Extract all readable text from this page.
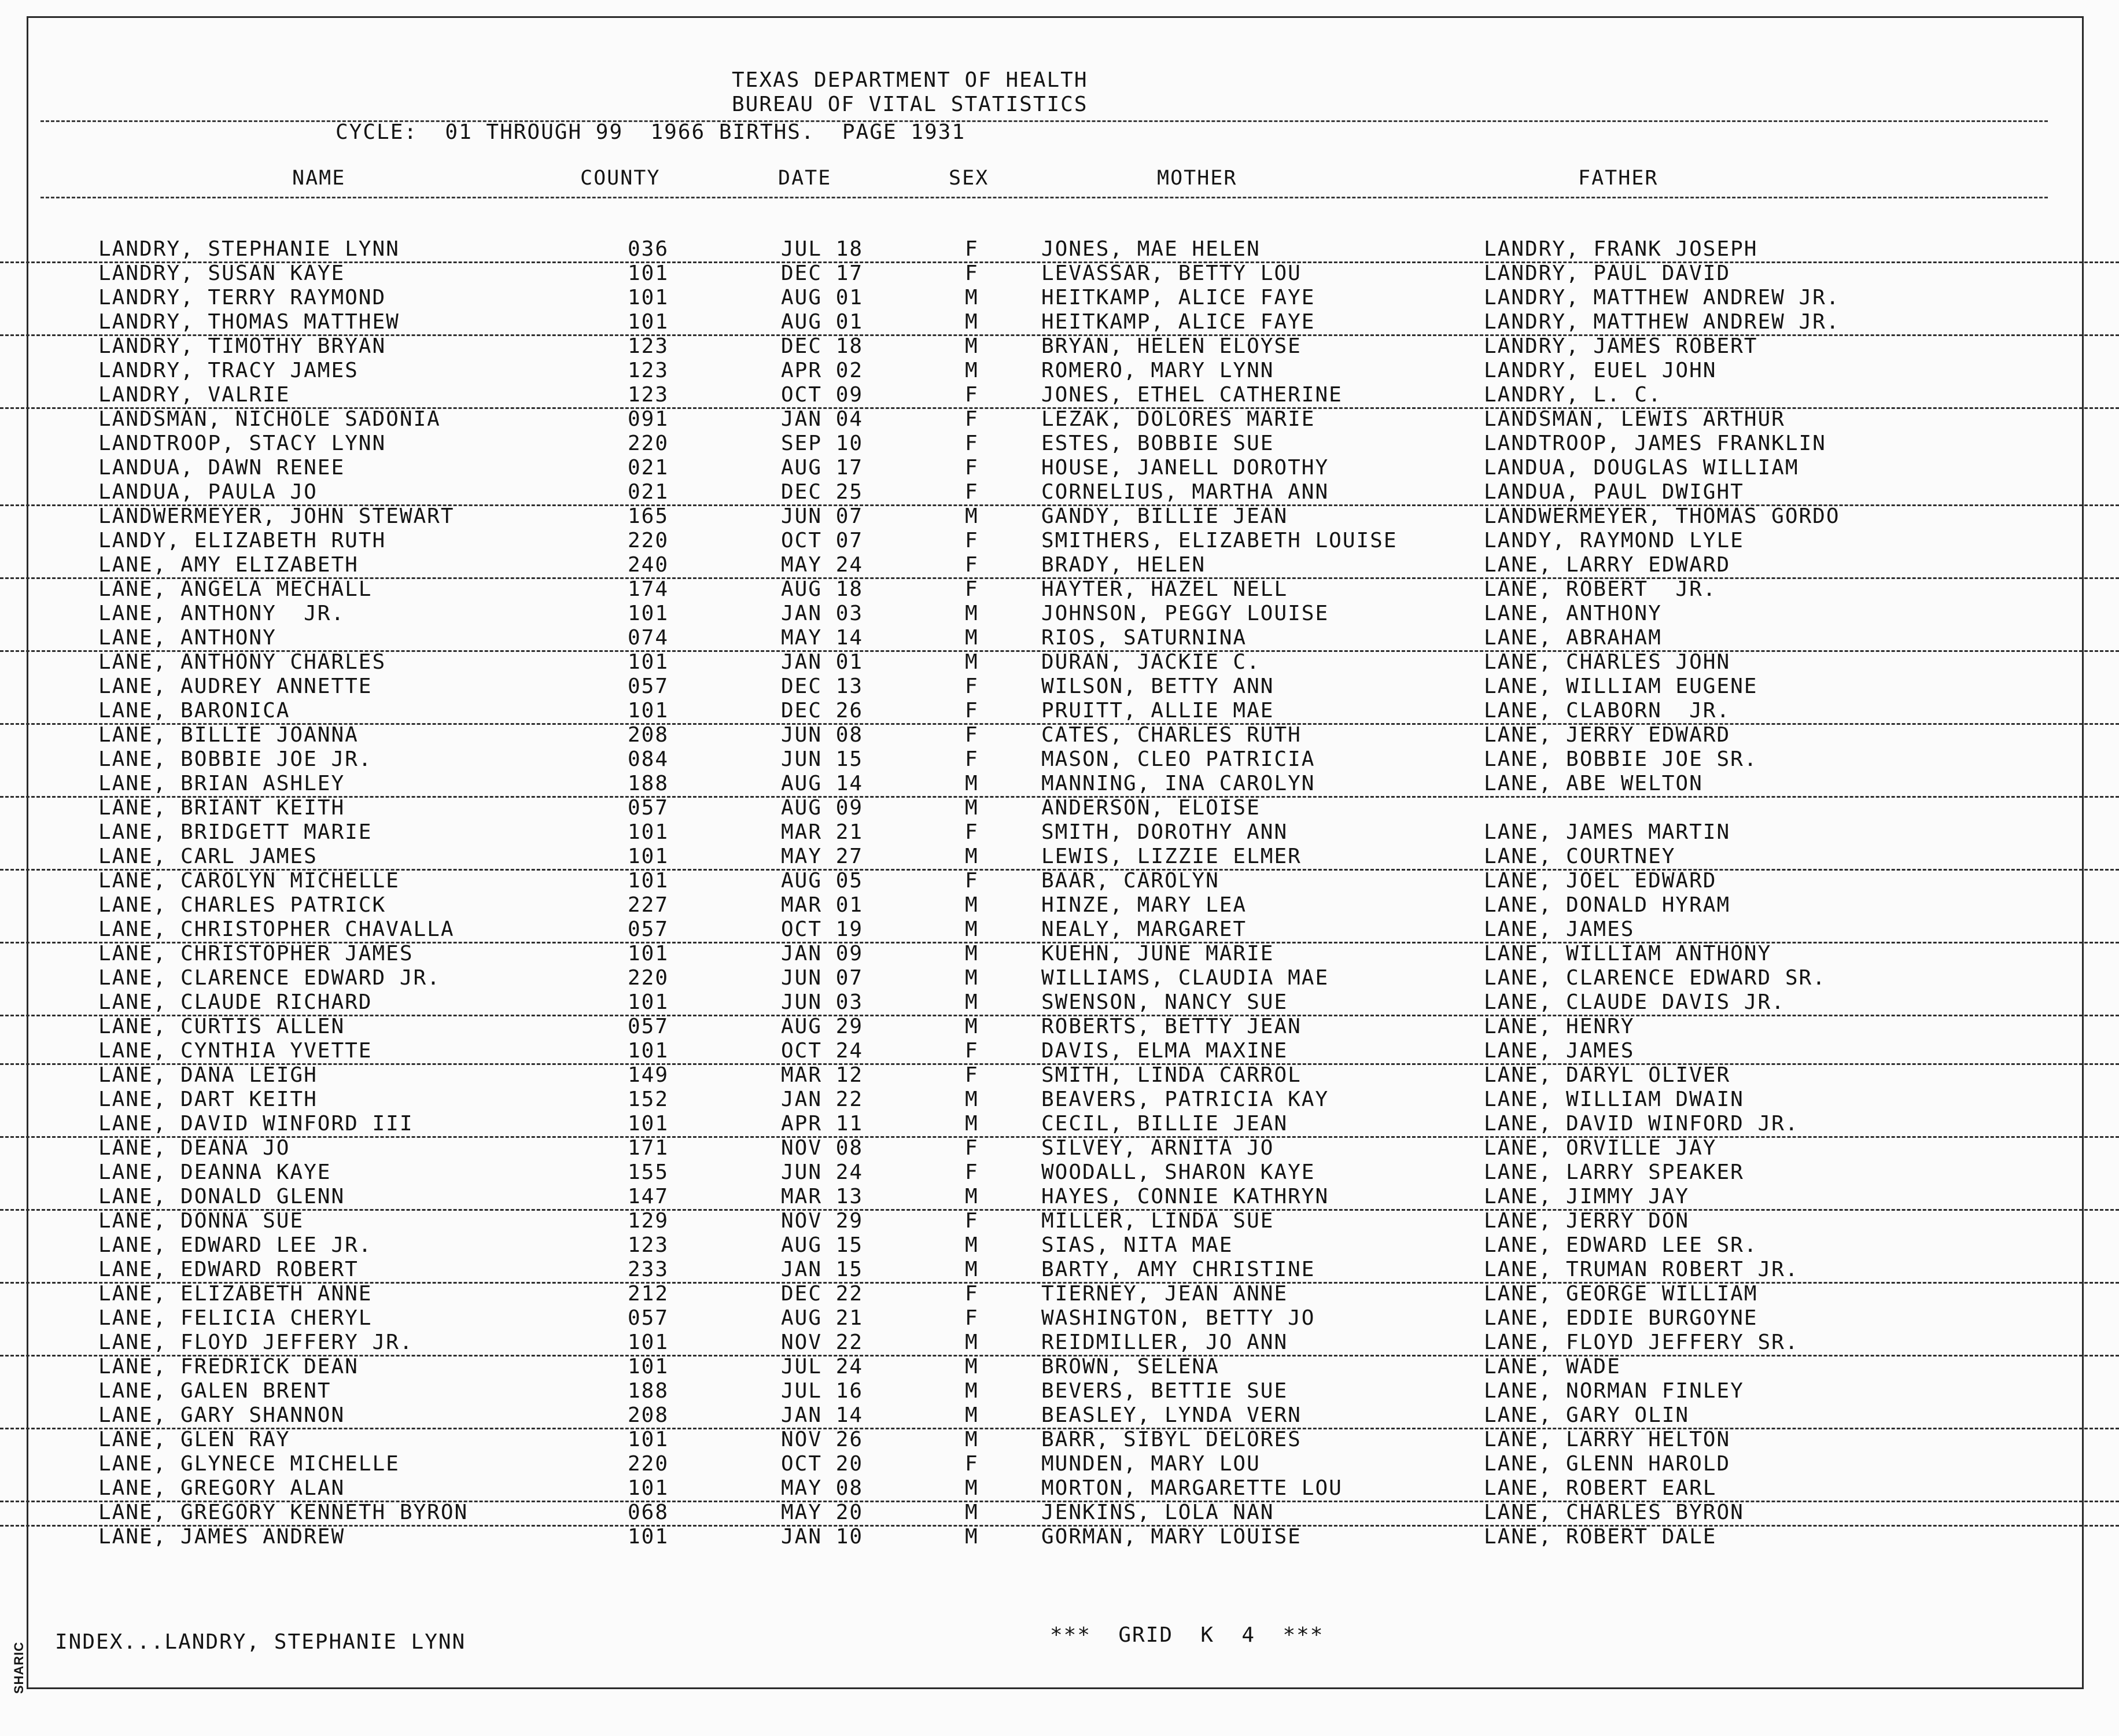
TEXAS DEPARTMENT OF HEALTH
BUREAU OF VITAL STATISTICS
CYCLE:  01 THROUGH 99  1966 BIRTHS.  PAGE 1931
NAME	COUNTY	DATE	SEX	MOTHER	FATHER
LANDRY, STEPHANIE LYNN	036	JUL 18	F	JONES, MAE HELEN	LANDRY, FRANK JOSEPH
LANDRY, SUSAN KAYE	101	DEC 17	F	LEVASSAR, BETTY LOU	LANDRY, PAUL DAVID
LANDRY, TERRY RAYMOND	101	AUG 01	M	HEITKAMP, ALICE FAYE	LANDRY, MATTHEW ANDREW JR.
LANDRY, THOMAS MATTHEW	101	AUG 01	M	HEITKAMP, ALICE FAYE	LANDRY, MATTHEW ANDREW JR.
LANDRY, TIMOTHY BRYAN	123	DEC 18	M	BRYAN, HELEN ELOYSE	LANDRY, JAMES ROBERT
LANDRY, TRACY JAMES	123	APR 02	M	ROMERO, MARY LYNN	LANDRY, EUEL JOHN
LANDRY, VALRIE	123	OCT 09	F	JONES, ETHEL CATHERINE	LANDRY, L. C.
LANDSMAN, NICHOLE SADONIA	091	JAN 04	F	LEZAK, DOLORES MARIE	LANDSMAN, LEWIS ARTHUR
LANDTROOP, STACY LYNN	220	SEP 10	F	ESTES, BOBBIE SUE	LANDTROOP, JAMES FRANKLIN
LANDUA, DAWN RENEE	021	AUG 17	F	HOUSE, JANELL DOROTHY	LANDUA, DOUGLAS WILLIAM
LANDUA, PAULA JO	021	DEC 25	F	CORNELIUS, MARTHA ANN	LANDUA, PAUL DWIGHT
LANDWERMEYER, JOHN STEWART	165	JUN 07	M	GANDY, BILLIE JEAN	LANDWERMEYER, THOMAS GORDO
LANDY, ELIZABETH RUTH	220	OCT 07	F	SMITHERS, ELIZABETH LOUISE	LANDY, RAYMOND LYLE
LANE, AMY ELIZABETH	240	MAY 24	F	BRADY, HELEN	LANE, LARRY EDWARD
LANE, ANGELA MECHALL	174	AUG 18	F	HAYTER, HAZEL NELL	LANE, ROBERT  JR.
LANE, ANTHONY  JR.	101	JAN 03	M	JOHNSON, PEGGY LOUISE	LANE, ANTHONY
LANE, ANTHONY	074	MAY 14	M	RIOS, SATURNINA	LANE, ABRAHAM
LANE, ANTHONY CHARLES	101	JAN 01	M	DURAN, JACKIE C.	LANE, CHARLES JOHN
LANE, AUDREY ANNETTE	057	DEC 13	F	WILSON, BETTY ANN	LANE, WILLIAM EUGENE
LANE, BARONICA	101	DEC 26	F	PRUITT, ALLIE MAE	LANE, CLABORN  JR.
LANE, BILLIE JOANNA	208	JUN 08	F	CATES, CHARLES RUTH	LANE, JERRY EDWARD
LANE, BOBBIE JOE JR.	084	JUN 15	F	MASON, CLEO PATRICIA	LANE, BOBBIE JOE SR.
LANE, BRIAN ASHLEY	188	AUG 14	M	MANNING, INA CAROLYN	LANE, ABE WELTON
LANE, BRIANT KEITH	057	AUG 09	M	ANDERSON, ELOISE
LANE, BRIDGETT MARIE	101	MAR 21	F	SMITH, DOROTHY ANN	LANE, JAMES MARTIN
LANE, CARL JAMES	101	MAY 27	M	LEWIS, LIZZIE ELMER	LANE, COURTNEY
LANE, CAROLYN MICHELLE	101	AUG 05	F	BAAR, CAROLYN	LANE, JOEL EDWARD
LANE, CHARLES PATRICK	227	MAR 01	M	HINZE, MARY LEA	LANE, DONALD HYRAM
LANE, CHRISTOPHER CHAVALLA	057	OCT 19	M	NEALY, MARGARET	LANE, JAMES
LANE, CHRISTOPHER JAMES	101	JAN 09	M	KUEHN, JUNE MARIE	LANE, WILLIAM ANTHONY
LANE, CLARENCE EDWARD JR.	220	JUN 07	M	WILLIAMS, CLAUDIA MAE	LANE, CLARENCE EDWARD SR.
LANE, CLAUDE RICHARD	101	JUN 03	M	SWENSON, NANCY SUE	LANE, CLAUDE DAVIS JR.
LANE, CURTIS ALLEN	057	AUG 29	M	ROBERTS, BETTY JEAN	LANE, HENRY
LANE, CYNTHIA YVETTE	101	OCT 24	F	DAVIS, ELMA MAXINE	LANE, JAMES
LANE, DANA LEIGH	149	MAR 12	F	SMITH, LINDA CARROL	LANE, DARYL OLIVER
LANE, DART KEITH	152	JAN 22	M	BEAVERS, PATRICIA KAY	LANE, WILLIAM DWAIN
LANE, DAVID WINFORD III	101	APR 11	M	CECIL, BILLIE JEAN	LANE, DAVID WINFORD JR.
LANE, DEANA JO	171	NOV 08	F	SILVEY, ARNITA JO	LANE, ORVILLE JAY
LANE, DEANNA KAYE	155	JUN 24	F	WOODALL, SHARON KAYE	LANE, LARRY SPEAKER
LANE, DONALD GLENN	147	MAR 13	M	HAYES, CONNIE KATHRYN	LANE, JIMMY JAY
LANE, DONNA SUE	129	NOV 29	F	MILLER, LINDA SUE	LANE, JERRY DON
LANE, EDWARD LEE JR.	123	AUG 15	M	SIAS, NITA MAE	LANE, EDWARD LEE SR.
LANE, EDWARD ROBERT	233	JAN 15	M	BARTY, AMY CHRISTINE	LANE, TRUMAN ROBERT JR.
LANE, ELIZABETH ANNE	212	DEC 22	F	TIERNEY, JEAN ANNE	LANE, GEORGE WILLIAM
LANE, FELICIA CHERYL	057	AUG 21	F	WASHINGTON, BETTY JO	LANE, EDDIE BURGOYNE
LANE, FLOYD JEFFERY JR.	101	NOV 22	M	REIDMILLER, JO ANN	LANE, FLOYD JEFFERY SR.
LANE, FREDRICK DEAN	101	JUL 24	M	BROWN, SELENA	LANE, WADE
LANE, GALEN BRENT	188	JUL 16	M	BEVERS, BETTIE SUE	LANE, NORMAN FINLEY
LANE, GARY SHANNON	208	JAN 14	M	BEASLEY, LYNDA VERN	LANE, GARY OLIN
LANE, GLEN RAY	101	NOV 26	M	BARR, SIBYL DELORES	LANE, LARRY HELTON
LANE, GLYNECE MICHELLE	220	OCT 20	F	MUNDEN, MARY LOU	LANE, GLENN HAROLD
LANE, GREGORY ALAN	101	MAY 08	M	MORTON, MARGARETTE LOU	LANE, ROBERT EARL
LANE, GREGORY KENNETH BYRON	068	MAY 20	M	JENKINS, LOLA NAN	LANE, CHARLES BYRON
LANE, JAMES ANDREW	101	JAN 10	M	GORMAN, MARY LOUISE	LANE, ROBERT DALE
INDEX...LANDRY, STEPHANIE LYNN	***  GRID  K  4  ***
SHARIC
